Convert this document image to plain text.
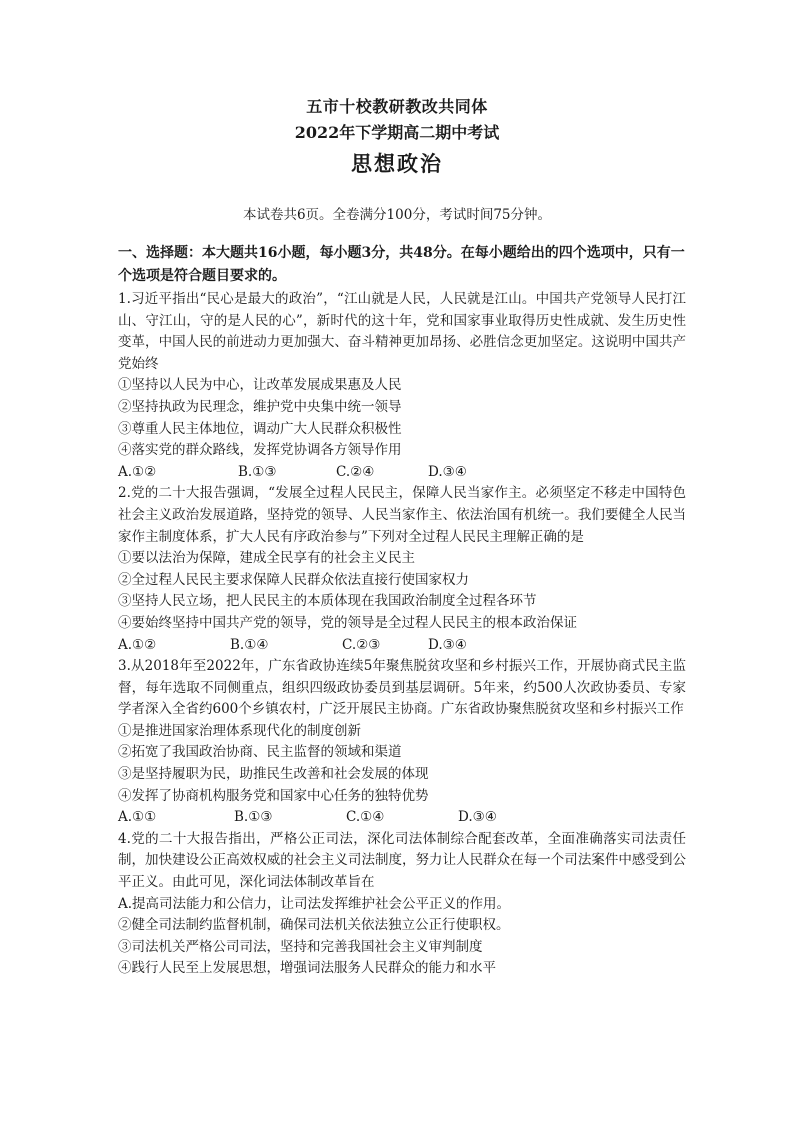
五市十校教研教改共同体
2022年下学期高二期中考试
思想政治
本试卷共6页。全卷满分100分，考试时间75分钟。
一、选择题：本大题共16小题，每小题3分，共48分。在每小题给出的四个选项中，只有一个选项是符合题目要求的。
1.习近平指出“民心是最大的政治”，“江山就是人民，人民就是江山。中国共产党领导人民打江山、守江山，守的是人民的心”，新时代的这十年，党和国家事业取得历史性成就、发生历史性变革，中国人民的前进动力更加强大、奋斗精神更加昂扬、必胜信念更加坚定。这说明中国共产党始终
①坚持以人民为中心，让改革发展成果惠及人民
②坚持执政为民理念，维护党中央集中统一领导
③尊重人民主体地位，调动广大人民群众积极性
④落实党的群众路线，发挥党协调各方领导作用
A.①②	B.①③	C.②④	D.③④
2.党的二十大报告强调，“发展全过程人民民主，保障人民当家作主。必须坚定不移走中国特色社会主义政治发展道路，坚持党的领导、人民当家作主、依法治国有机统一。我们要健全人民当家作主制度体系，扩大人民有序政治参与”下列对全过程人民民主理解正确的是
①要以法治为保障，建成全民享有的社会主义民主
②全过程人民民主要求保障人民群众依法直接行使国家权力
③坚持人民立场，把人民民主的本质体现在我国政治制度全过程各环节
④要始终坚持中国共产党的领导，党的领导是全过程人民民主的根本政治保证
A.①②	B.①④	C.②③	D.③④
3.从2018年至2022年，广东省政协连续5年聚焦脱贫攻坚和乡村振兴工作，开展协商式民主监督，每年选取不同侧重点，组织四级政协委员到基层调研。5年来，约500人次政协委员、专家学者深入全省约600个乡镇农村，广泛开展民主协商。广东省政协聚焦脱贫攻坚和乡村振兴工作
①是推进国家治理体系现代化的制度创新
②拓宽了我国政治协商、民主监督的领域和渠道
③是坚持履职为民，助推民生改善和社会发展的体现
④发挥了协商机构服务党和国家中心任务的独特优势
A.①①	B.①③	C.①④	D.③④
4.党的二十大报告指出，严格公正司法，深化司法体制综合配套改革，全面准确落实司法责任制，加快建设公正高效权威的社会主义司法制度，努力让人民群众在每一个司法案件中感受到公平正义。由此可见，深化词法体制改革旨在
A.提高司法能力和公信力，让司法发挥维护社会公平正义的作用。
②健全司法制约监督机制，确保司法机关依法独立公正行使职权。
③司法机关严格公司司法，坚持和完善我国社会主义审判制度
④践行人民至上发展思想，增强词法服务人民群众的能力和水平
